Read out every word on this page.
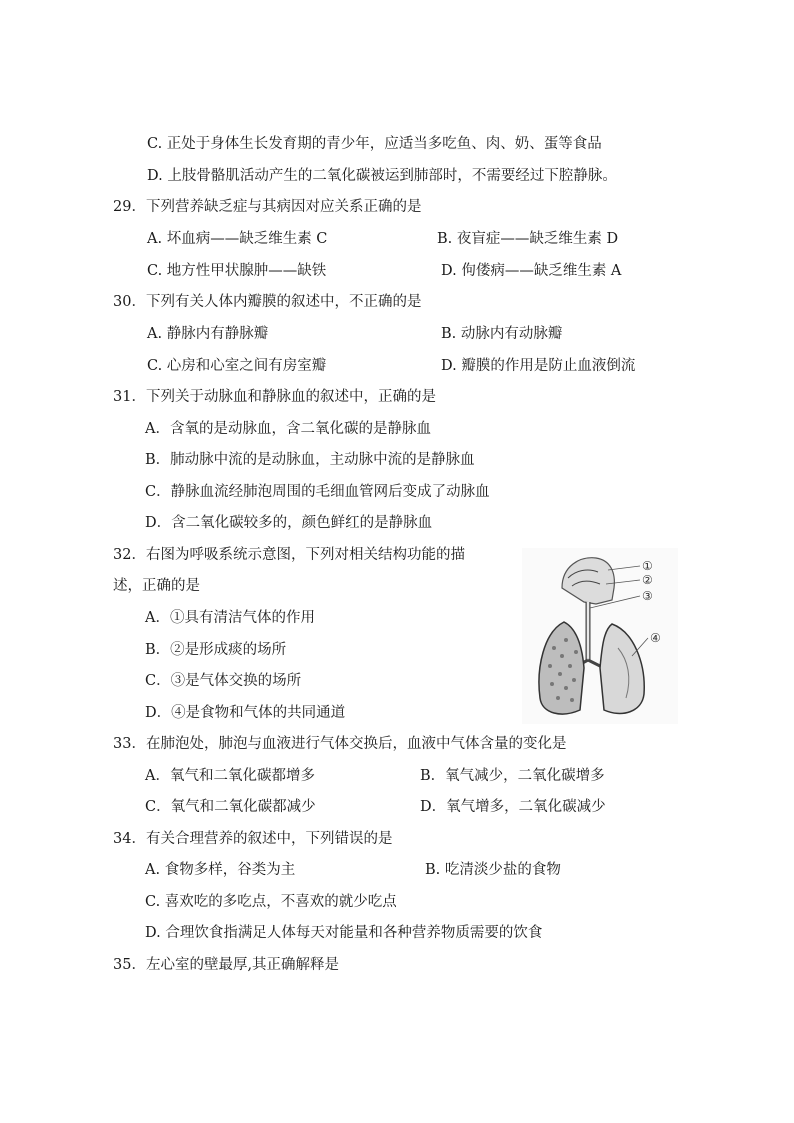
C. 正处于身体生长发育期的青少年，应适当多吃鱼、肉、奶、蛋等食品
D. 上肢骨骼肌活动产生的二氧化碳被运到肺部时，不需要经过下腔静脉。
29．下列营养缺乏症与其病因对应关系正确的是
A. 坏血病——缺乏维生素 C	B. 夜盲症——缺乏维生素 D
C. 地方性甲状腺肿——缺铁	D. 佝偻病——缺乏维生素 A
30．下列有关人体内瓣膜的叙述中，不正确的是
A. 静脉内有静脉瓣	B. 动脉内有动脉瓣
C. 心房和心室之间有房室瓣	D. 瓣膜的作用是防止血液倒流
31．下列关于动脉血和静脉血的叙述中，正确的是
A．含氧的是动脉血，含二氧化碳的是静脉血
B．肺动脉中流的是动脉血，主动脉中流的是静脉血
C．静脉血流经肺泡周围的毛细血管网后变成了动脉血
D．含二氧化碳较多的，颜色鲜红的是静脉血
32．右图为呼吸系统示意图，下列对相关结构功能的描
述，正确的是
A．①具有清洁气体的作用
B．②是形成痰的场所
C．③是气体交换的场所
D．④是食物和气体的共同通道
①
②
③
④
33．在肺泡处，肺泡与血液进行气体交换后，血液中气体含量的变化是
A．氧气和二氧化碳都增多	B．氧气减少，二氧化碳增多
C．氧气和二氧化碳都减少	D．氧气增多，二氧化碳减少
34．有关合理营养的叙述中，下列错误的是
A. 食物多样，谷类为主	B. 吃清淡少盐的食物
C. 喜欢吃的多吃点，不喜欢的就少吃点
D. 合理饮食指满足人体每天对能量和各种营养物质需要的饮食
35．左心室的壁最厚,其正确解释是
